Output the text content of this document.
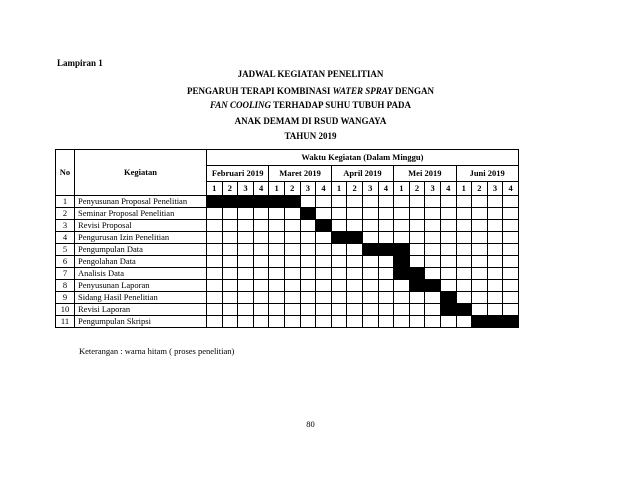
Lampiran 1
JADWAL KEGIATAN PENELITIAN
PENGARUH TERAPI KOMBINASI WATER SPRAY DENGAN
FAN COOLING TERHADAP SUHU TUBUH PADA
ANAK DEMAM DI RSUD WANGAYA
TAHUN 2019
No	Kegiatan	Waktu Kegiatan (Dalam Minggu)																			
		Februari 2019				Maret 2019				April 2019				Mei 2019				Juni 2019			
		1	2	3	4	1	2	3	4	1	2	3	4	1	2	3	4	1	2	3	4
1	Penyusunan Proposal Penelitian																				
2	Seminar Proposal Penelitian																				
3	Revisi Proposal																				
4	Pengurusan Izin Penelitian																				
5	Pengumpulan Data																				
6	Pengolahan Data																				
7	Analisis Data																				
8	Penyusunan Laporan																				
9	Sidang Hasil Penelitian																				
10	Revisi Laporan																				
11	Pengumpulan Skripsi																				
Keterangan : warna hitam ( proses penelitian)
80
